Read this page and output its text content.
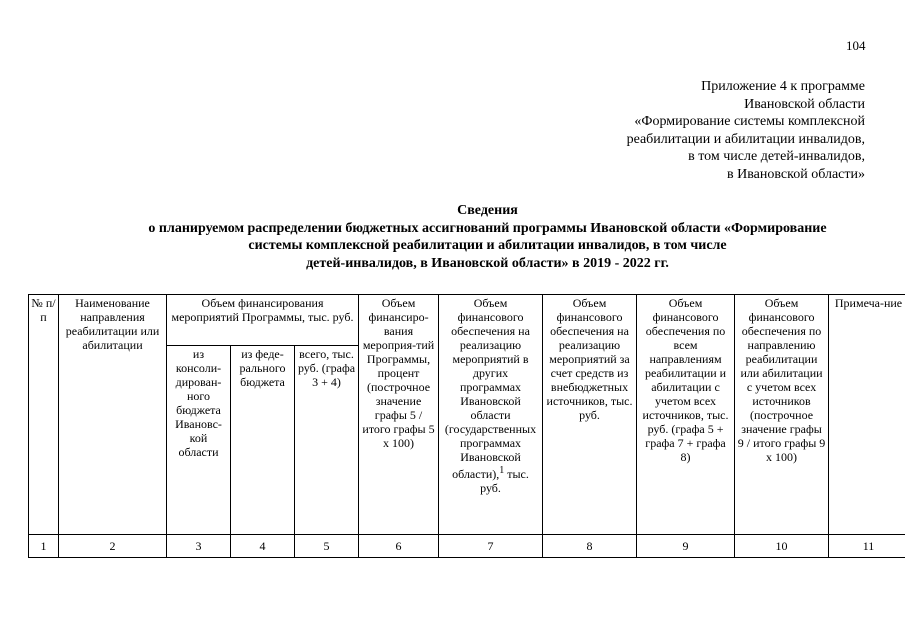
104
Приложение 4 к программе
Ивановской области
«Формирование системы комплексной
реабилитации и абилитации инвалидов,
в том числе детей-инвалидов,
в Ивановской области»
Сведения
о планируемом распределении бюджетных ассигнований программы Ивановской области «Формирование
системы комплексной реабилитации и абилитации инвалидов, в том числе
детей-инвалидов, в Ивановской области» в 2019 - 2022 гг.
№ п/п	Наименование направления реабилитации или абилитации	Объем финансирования мероприятий Программы, тыс. руб.			Объем финансиро-вания мероприя-тий Программы, процент (построчное значение графы 5 / итого графы 5 х 100)	Объем финансового обеспечения на реализацию мероприятий в других программах Ивановской области (государственных программах Ивановской области),$^1$ тыс. руб.	Объем финансового обеспечения на реализацию мероприятий за счет средств из внебюджетных источников, тыс. руб.	Объем финансового обеспечения по всем направлениям реабилитации и абилитации с учетом всех источников, тыс. руб. (графа 5 + графа 7 + графа 8)	Объем финансового обеспечения по направлению реабилитации или абилитации с учетом всех источников (построчное значение графы 9 / итого графы 9 х 100)	Примеча-ние
		из консоли-дирован-ного бюджета Ивановс-кой области	из феде-рального бюджета	всего, тыс. руб. (графа 3 + 4)						
1	2	3	4	5	6	7	8	9	10	11
